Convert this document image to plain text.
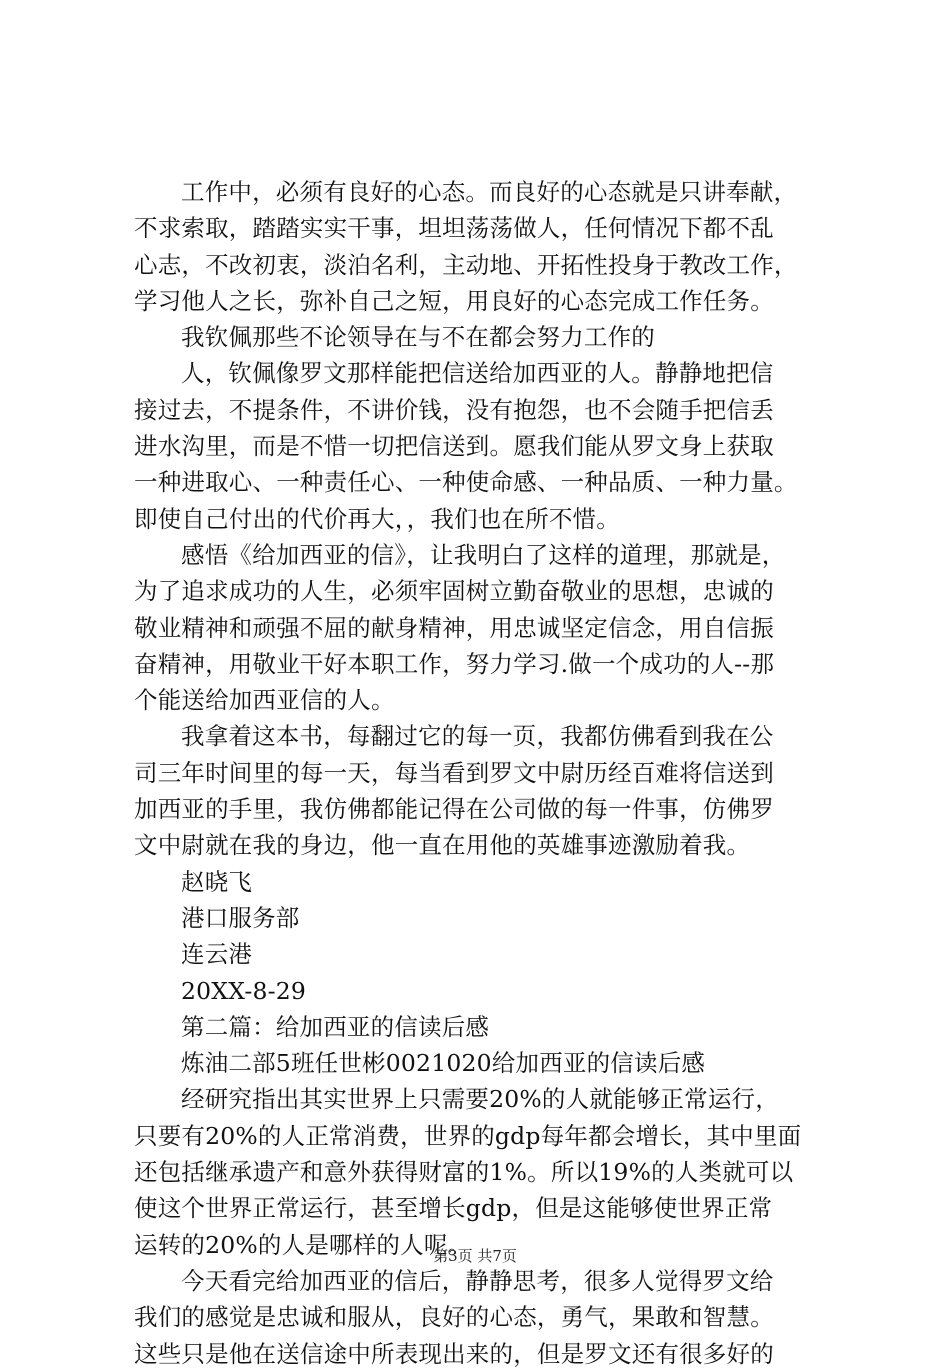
工作中，必须有良好的心态。而良好的心态就是只讲奉献，
不求索取，踏踏实实干事，坦坦荡荡做人，任何情况下都不乱
心志，不改初衷，淡泊名利，主动地、开拓性投身于教改工作，
学习他人之长，弥补自己之短，用良好的心态完成工作任务。
我钦佩那些不论领导在与不在都会努力工作的
人，钦佩像罗文那样能把信送给加西亚的人。静静地把信
接过去，不提条件，不讲价钱，没有抱怨，也不会随手把信丢
进水沟里，而是不惜一切把信送到。愿我们能从罗文身上获取
一种进取心、一种责任心、一种使命感、一种品质、一种力量。
即使自己付出的代价再大，，我们也在所不惜。
感悟《给加西亚的信》，让我明白了这样的道理，那就是，
为了追求成功的人生，必须牢固树立勤奋敬业的思想，忠诚的
敬业精神和顽强不屈的献身精神，用忠诚坚定信念，用自信振
奋精神，用敬业干好本职工作，努力学习.做一个成功的人--那
个能送给加西亚信的人。
我拿着这本书，每翻过它的每一页，我都仿佛看到我在公
司三年时间里的每一天，每当看到罗文中尉历经百难将信送到
加西亚的手里，我仿佛都能记得在公司做的每一件事，仿佛罗
文中尉就在我的身边，他一直在用他的英雄事迹激励着我。
赵晓飞
港口服务部
连云港
20XX-8-29
第二篇：给加西亚的信读后感
炼油二部5班任世彬0021020给加西亚的信读后感
经研究指出其实世界上只需要20%的人就能够正常运行，
只要有20%的人正常消费，世界的gdp每年都会增长，其中里面
还包括继承遗产和意外获得财富的1%。所以19%的人类就可以
使这个世界正常运行，甚至增长gdp，但是这能够使世界正常
运转的20%的人是哪样的人呢。
今天看完给加西亚的信后，静静思考，很多人觉得罗文给
我们的感觉是忠诚和服从，良好的心态，勇气，果敢和智慧。
这些只是他在送信途中所表现出来的，但是罗文还有很多好的
第3页 共7页
